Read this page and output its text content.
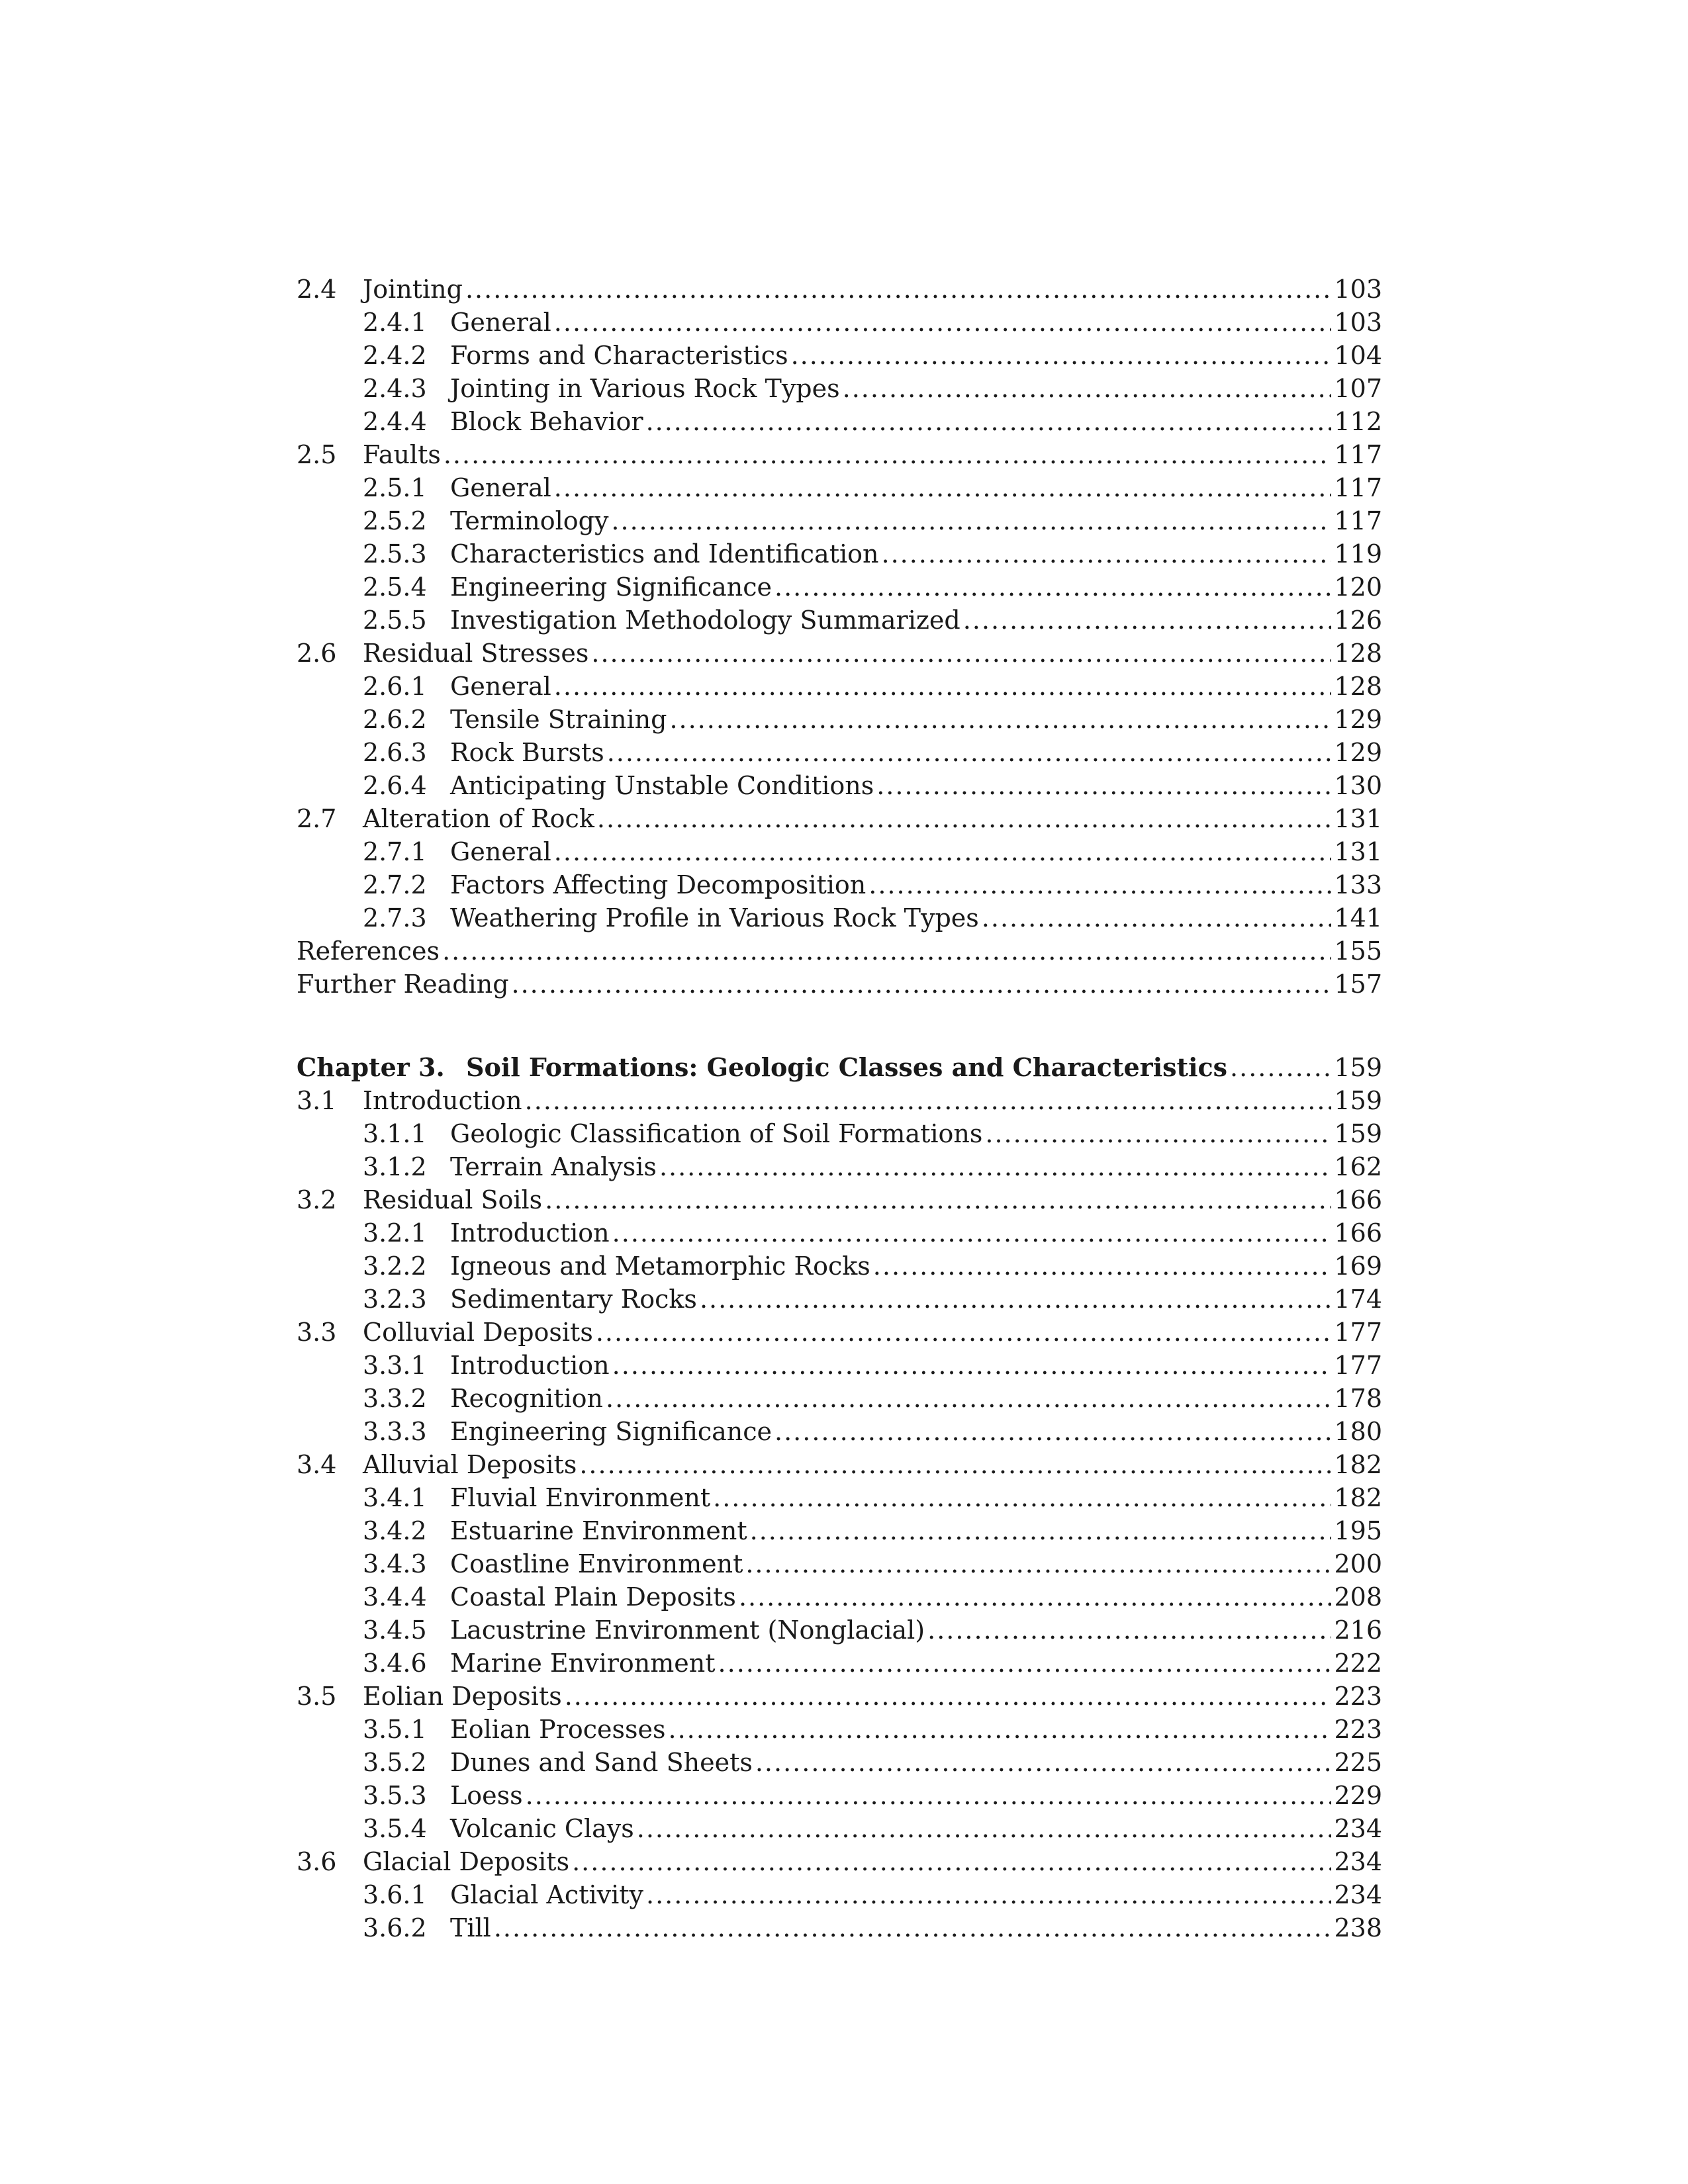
2.4	Jointing .....	103
2.4.1 General .....	103
2.4.2 Forms and Characteristics .....	104
2.4.3 Jointing in Various Rock Types .....	107
2.4.4 Block Behavior .....	112
2.5	Faults .....	117
2.5.1 General .....	117
2.5.2 Terminology .....	117
2.5.3 Characteristics and Identification .....	119
2.5.4 Engineering Significance .....	120
2.5.5 Investigation Methodology Summarized .....	126
2.6	Residual Stresses .....	128
2.6.1 General .....	128
2.6.2 Tensile Straining .....	129
2.6.3 Rock Bursts .....	129
2.6.4 Anticipating Unstable Conditions .....	130
2.7	Alteration of Rock .....	131
2.7.1 General .....	131
2.7.2 Factors Affecting Decomposition .....	133
2.7.3 Weathering Profile in Various Rock Types .....	141
References .....	155
Further Reading .....	157
Chapter 3. Soil Formations: Geologic Classes and Characteristics .....	159
3.1	Introduction .....	159
3.1.1 Geologic Classification of Soil Formations .....	159
3.1.2 Terrain Analysis .....	162
3.2	Residual Soils .....	166
3.2.1 Introduction .....	166
3.2.2 Igneous and Metamorphic Rocks .....	169
3.2.3 Sedimentary Rocks .....	174
3.3	Colluvial Deposits .....	177
3.3.1 Introduction .....	177
3.3.2 Recognition .....	178
3.3.3 Engineering Significance .....	180
3.4	Alluvial Deposits .....	182
3.4.1 Fluvial Environment .....	182
3.4.2 Estuarine Environment .....	195
3.4.3 Coastline Environment .....	200
3.4.4 Coastal Plain Deposits .....	208
3.4.5 Lacustrine Environment (Nonglacial) .....	216
3.4.6 Marine Environment .....	222
3.5	Eolian Deposits .....	223
3.5.1 Eolian Processes .....	223
3.5.2 Dunes and Sand Sheets .....	225
3.5.3 Loess .....	229
3.5.4 Volcanic Clays .....	234
3.6	Glacial Deposits .....	234
3.6.1 Glacial Activity .....	234
3.6.2 Till .....	238
